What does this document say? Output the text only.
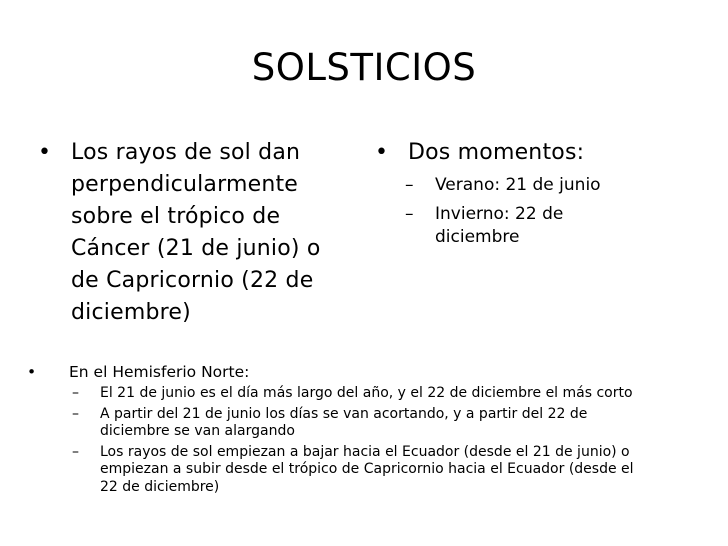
SOLSTICIOS
• Los rayos de sol dan
perpendicularmente
sobre el trópico de
Cáncer (21 de junio) o
de Capricornio (22 de
diciembre)
• Dos momentos:
– Verano: 21 de junio
– Invierno: 22 de
diciembre
• En el Hemisferio Norte:
– El 21 de junio es el día más largo del año, y el 22 de diciembre el más corto
– A partir del 21 de junio los días se van acortando, y a partir del 22 de
diciembre se van alargando
– Los rayos de sol empiezan a bajar hacia el Ecuador (desde el 21 de junio) o
empiezan a subir desde el trópico de Capricornio hacia el Ecuador (desde el
22 de diciembre)
